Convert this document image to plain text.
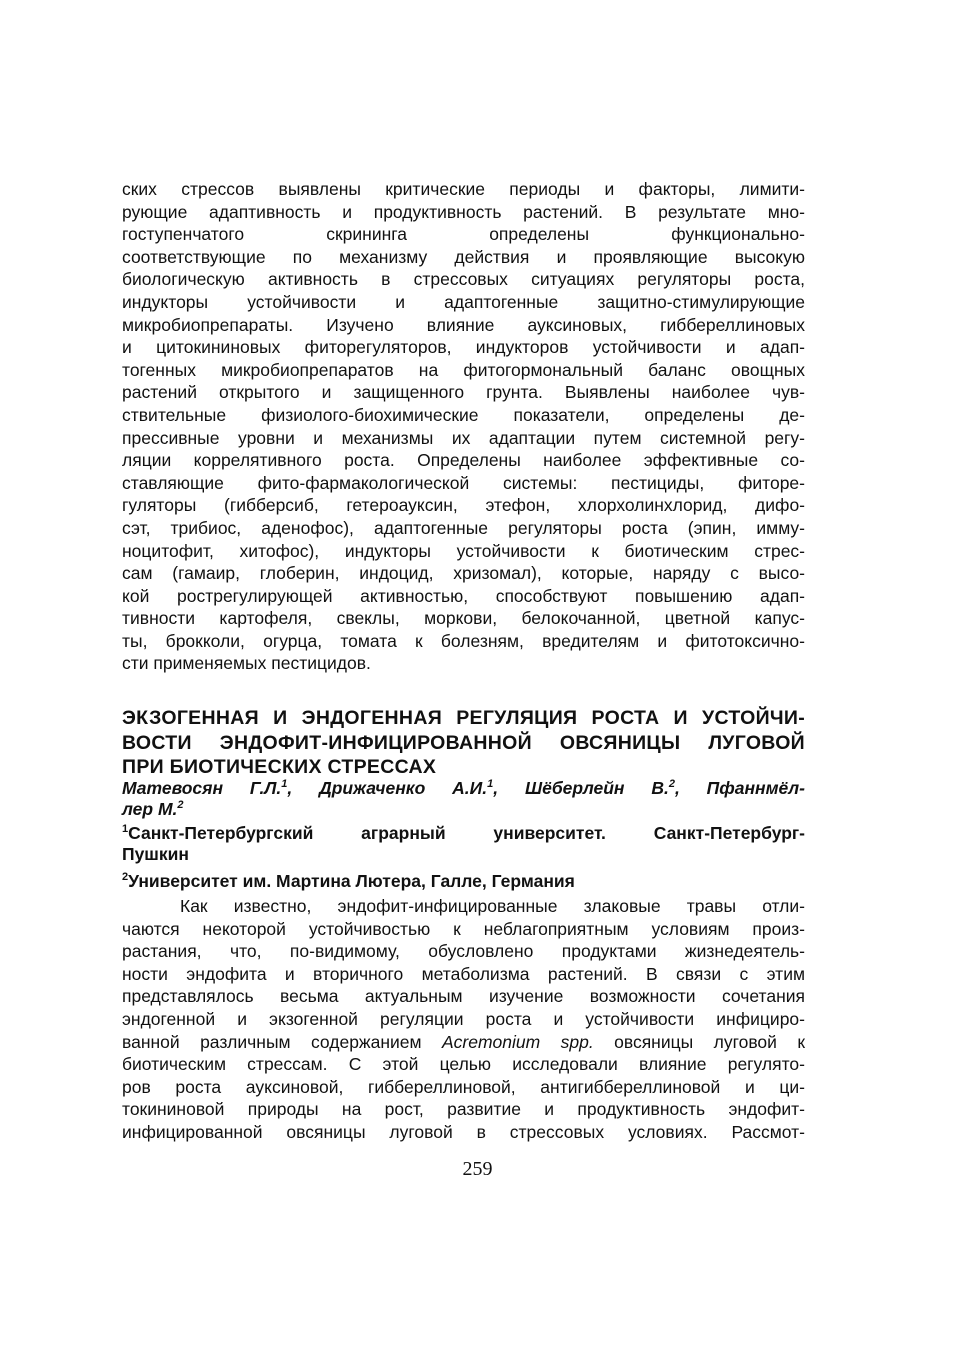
ских стрессов выявлены критические периоды и факторы, лимити-
рующие адаптивность и продуктивность растений. В результате мно-
гоступенчатого скрининга определены функционально-
соответствующие по механизму действия и проявляющие высокую
биологическую активность в стрессовых ситуациях регуляторы роста,
индукторы устойчивости и адаптогенные защитно-стимулирующие
микробиопрепараты. Изучено влияние ауксиновых, гиббереллиновых
и цитокининовых фиторегуляторов, индукторов устойчивости и адап-
тогенных микробиопрепаратов на фитогормональный баланс овощных
растений открытого и защищенного грунта. Выявлены наиболее чув-
ствительные физиолого-биохимические показатели, определены де-
прессивные уровни и механизмы их адаптации путем системной регу-
ляции коррелятивного роста. Определены наиболее эффективные со-
ставляющие фито-фармакологической системы: пестициды, фиторе-
гуляторы (гибберсиб, гетероауксин, этефон, хлорхолинхлорид, дифо-
сэт, трибиос, аденофос), адаптогенные регуляторы роста (эпин, имму-
ноцитофит, хитофос), индукторы устойчивости к биотическим стрес-
сам (гамаир, глоберин, индоцид, хризомал), которые, наряду с высо-
кой рострегулирующей активностью, способствуют повышению адап-
тивности картофеля, свеклы, моркови, белокочанной, цветной капус-
ты, брокколи, огурца, томата к болезням, вредителям и фитотоксично-
сти применяемых пестицидов.
ЭКЗОГЕННАЯ И ЭНДОГЕННАЯ РЕГУЛЯЦИЯ РОСТА И УСТОЙЧИ-
ВОСТИ ЭНДОФИТ-ИНФИЦИРОВАННОЙ ОВСЯНИЦЫ ЛУГОВОЙ
ПРИ БИОТИЧЕСКИХ СТРЕССАХ
Матевосян Г.Л.$^1$, Дрижаченко А.И.$^1$, Шёберлейн В.$^2$, Пфаннмёл-
лер М.$^2$
$^1$Санкт-Петербургский аграрный университет. Санкт-Петербург-
Пушкин
$^2$Университет им. Мартина Лютера, Галле, Германия
Как известно, эндофит-инфицированные злаковые травы отли-
чаются некоторой устойчивостью к неблагоприятным условиям произ-
растания, что, по-видимому, обусловлено продуктами жизнедеятель-
ности эндофита и вторичного метаболизма растений. В связи с этим
представлялось весьма актуальным изучение возможности сочетания
эндогенной и экзогенной регуляции роста и устойчивости инфициро-
ванной различным содержанием Acremonium spp. овсяницы луговой к
биотическим стрессам. С этой целью исследовали влияние регулято-
ров роста ауксиновой, гиббереллиновой, антигиббереллиновой и ци-
токининовой природы на рост, развитие и продуктивность эндофит-
инфицированной овсяницы луговой в стрессовых условиях. Рассмот-
259
